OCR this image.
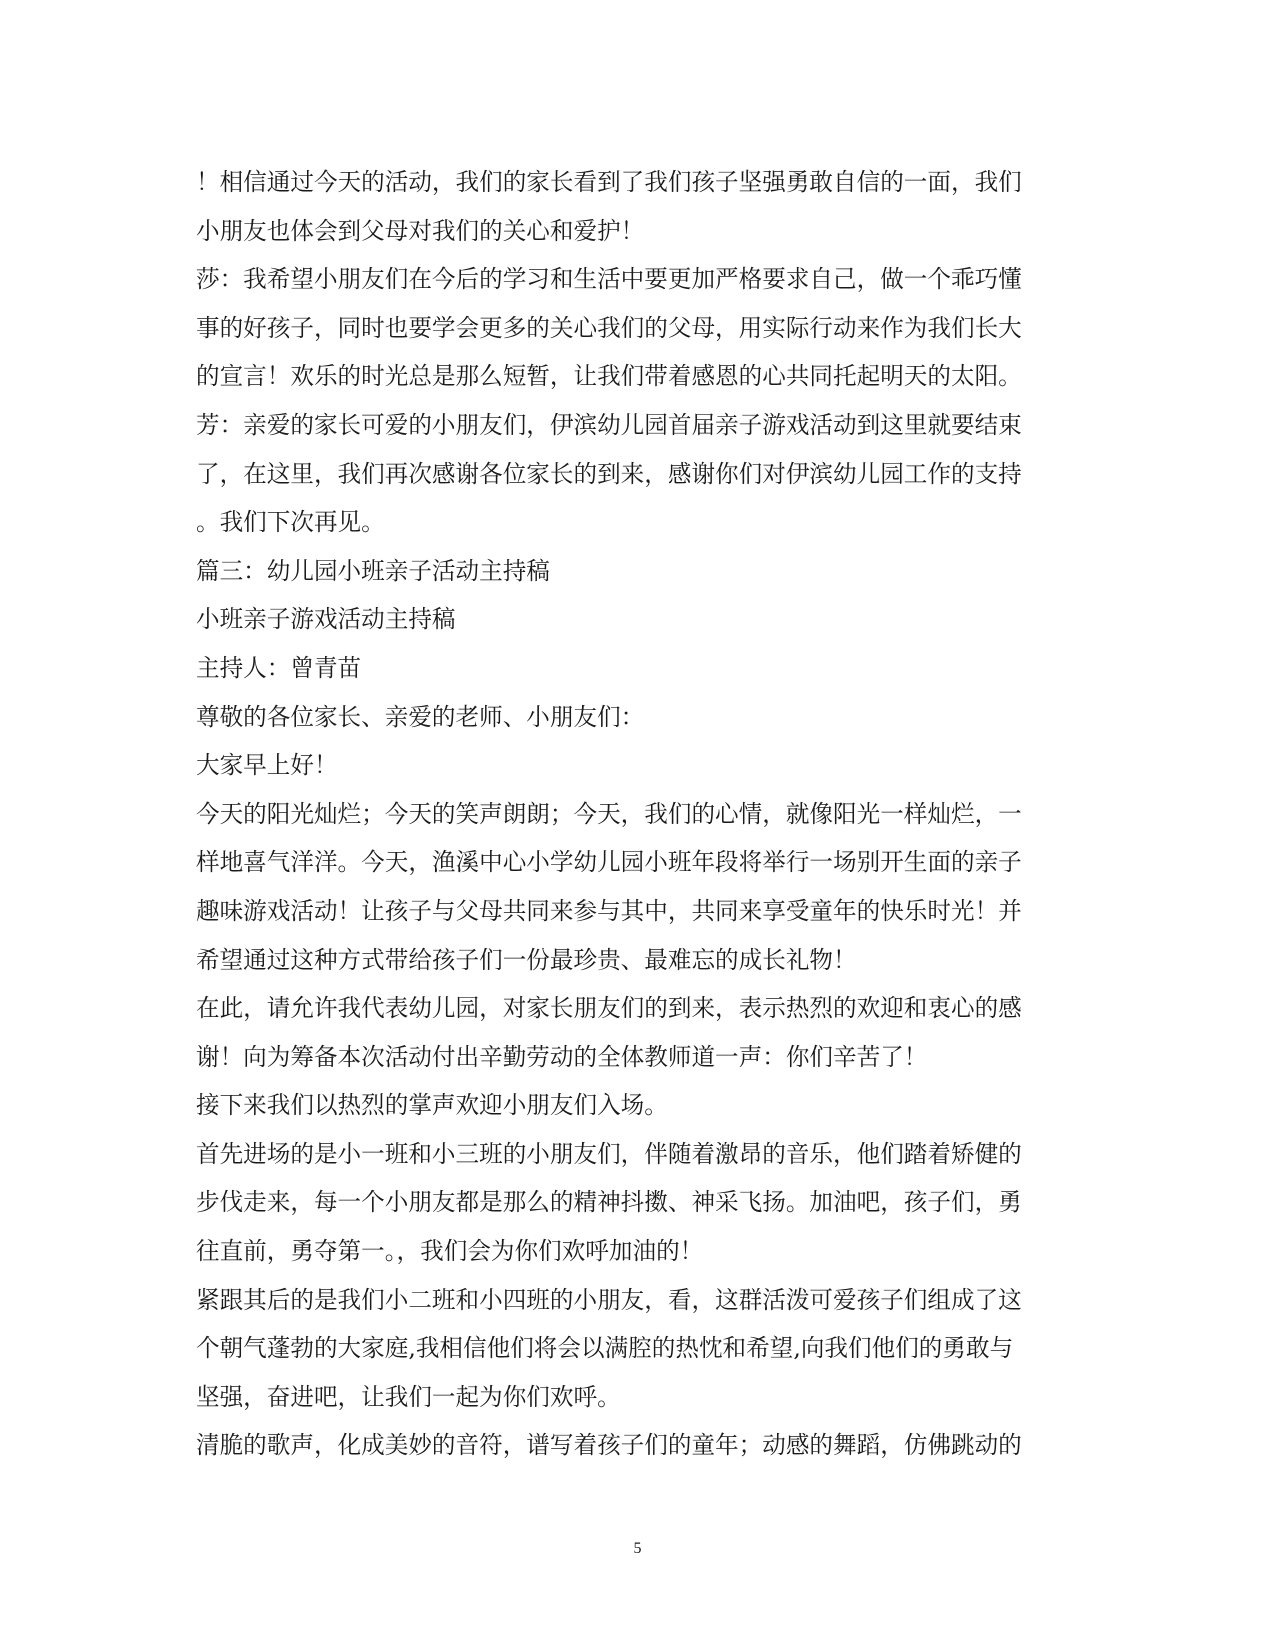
！相信通过今天的活动，我们的家长看到了我们孩子坚强勇敢自信的一面，我们
小朋友也体会到父母对我们的关心和爱护！
莎：我希望小朋友们在今后的学习和生活中要更加严格要求自己，做一个乖巧懂
事的好孩子，同时也要学会更多的关心我们的父母，用实际行动来作为我们长大
的宣言！欢乐的时光总是那么短暂，让我们带着感恩的心共同托起明天的太阳。
芳：亲爱的家长可爱的小朋友们，伊滨幼儿园首届亲子游戏活动到这里就要结束
了，在这里，我们再次感谢各位家长的到来，感谢你们对伊滨幼儿园工作的支持
。我们下次再见。
篇三：幼儿园小班亲子活动主持稿
小班亲子游戏活动主持稿
主持人：曾青苗
尊敬的各位家长、亲爱的老师、小朋友们：
大家早上好！
今天的阳光灿烂；今天的笑声朗朗；今天，我们的心情，就像阳光一样灿烂，一
样地喜气洋洋。今天，渔溪中心小学幼儿园小班年段将举行一场别开生面的亲子
趣味游戏活动！让孩子与父母共同来参与其中，共同来享受童年的快乐时光！并
希望通过这种方式带给孩子们一份最珍贵、最难忘的成长礼物！
在此，请允许我代表幼儿园，对家长朋友们的到来，表示热烈的欢迎和衷心的感
谢！向为筹备本次活动付出辛勤劳动的全体教师道一声：你们辛苦了！
接下来我们以热烈的掌声欢迎小朋友们入场。
首先进场的是小一班和小三班的小朋友们，伴随着激昂的音乐，他们踏着矫健的
步伐走来，每一个小朋友都是那么的精神抖擞、神采飞扬。加油吧，孩子们，勇
往直前，勇夺第一。，我们会为你们欢呼加油的！
紧跟其后的是我们小二班和小四班的小朋友，看，这群活泼可爱孩子们组成了这
个朝气蓬勃的大家庭,我相信他们将会以满腔的热忱和希望,向我们他们的勇敢与
坚强，奋进吧，让我们一起为你们欢呼。
清脆的歌声，化成美妙的音符，谱写着孩子们的童年；动感的舞蹈，仿佛跳动的
5
